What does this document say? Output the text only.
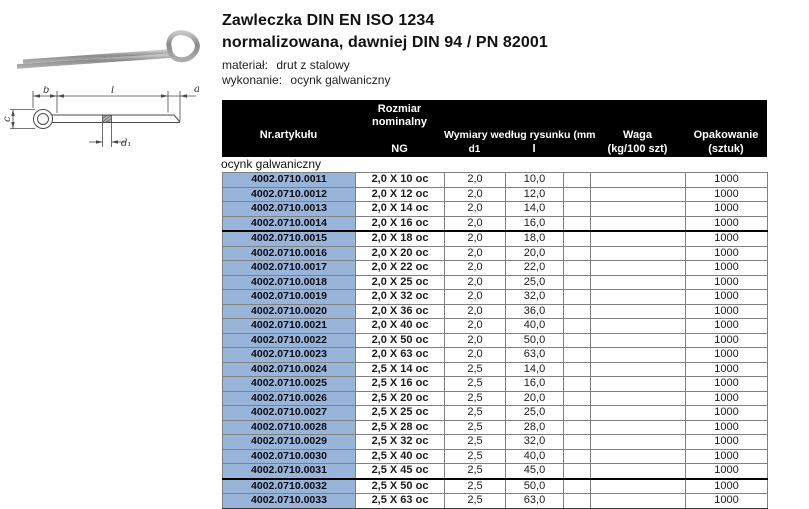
b	l	a
c
d₁
Zawleczka DIN EN ISO 1234
normalizowana, dawniej DIN 94 / PN 82001
materiał: drut z stalowy
wykonanie: ocynk galwaniczny
Nr.artykułu
Rozmiar
nominalny
NG
Wymiary według rysunku (mm
d1	l
Waga
(kg/100 szt)
Opakowanie
(sztuk)
ocynk galwaniczny
4002.0710.0011	2,0 X 10 oc	2,0	10,0			1000
4002.0710.0012	2,0 X 12 oc	2,0	12,0			1000
4002.0710.0013	2,0 X 14 oc	2,0	14,0			1000
4002.0710.0014	2,0 X 16 oc	2,0	16,0			1000
4002.0710.0015	2,0 X 18 oc	2,0	18,0			1000
4002.0710.0016	2,0 X 20 oc	2,0	20,0			1000
4002.0710.0017	2,0 X 22 oc	2,0	22,0			1000
4002.0710.0018	2,0 X 25 oc	2,0	25,0			1000
4002.0710.0019	2,0 X 32 oc	2,0	32,0			1000
4002.0710.0020	2,0 X 36 oc	2,0	36,0			1000
4002.0710.0021	2,0 X 40 oc	2,0	40,0			1000
4002.0710.0022	2,0 X 50 oc	2,0	50,0			1000
4002.0710.0023	2,0 X 63 oc	2,0	63,0			1000
4002.0710.0024	2,5 X 14 oc	2,5	14,0			1000
4002.0710.0025	2,5 X 16 oc	2,5	16,0			1000
4002.0710.0026	2,5 X 20 oc	2,5	20,0			1000
4002.0710.0027	2,5 X 25 oc	2,5	25,0			1000
4002.0710.0028	2,5 X 28 oc	2,5	28,0			1000
4002.0710.0029	2,5 X 32 oc	2,5	32,0			1000
4002.0710.0030	2,5 X 40 oc	2,5	40,0			1000
4002.0710.0031	2,5 X 45 oc	2,5	45,0			1000
4002.0710.0032	2,5 X 50 oc	2,5	50,0			1000
4002.0710.0033	2,5 X 63 oc	2,5	63,0			1000
